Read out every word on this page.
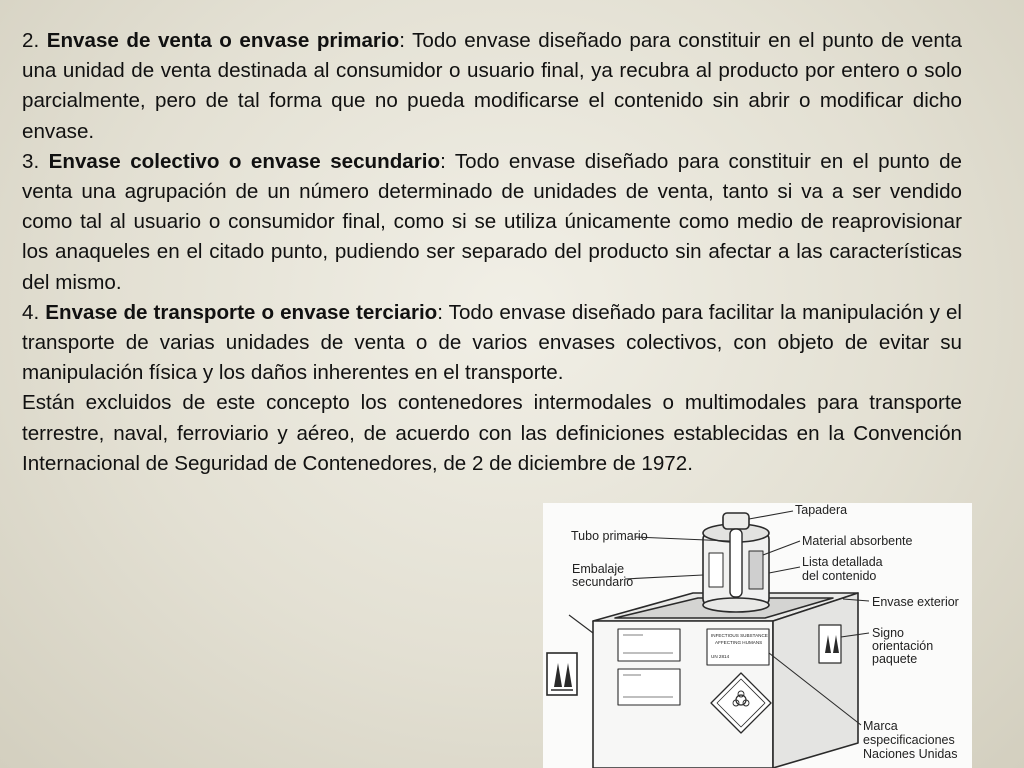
2. Envase de venta o envase primario: Todo envase diseñado para constituir en el punto de venta una unidad de venta destinada al consumidor o usuario final, ya recubra al producto por entero o solo parcialmente, pero de tal forma que no pueda modificarse el contenido sin abrir o modificar dicho envase.

3. Envase colectivo o envase secundario: Todo envase diseñado para constituir en el punto de venta una agrupación de un número determinado de unidades de venta, tanto si va a ser vendido como tal al usuario o consumidor final, como si se utiliza únicamente como medio de reaprovisionar los anaqueles en el citado punto, pudiendo ser separado del producto sin afectar a las características del mismo.

4. Envase de transporte o envase terciario: Todo envase diseñado para facilitar la manipulación y el transporte de varias unidades de venta o de varios envases colectivos, con objeto de evitar su manipulación física y los daños inherentes en el transporte.

Están excluidos de este concepto los contenedores intermodales o multimodales para transporte terrestre, naval, ferroviario y aéreo, de acuerdo con las definiciones establecidas en la Convención Internacional de Seguridad de Contenedores, de 2 de diciembre de 1972.

INFECTIOUS SUBSTANCE
AFFECTING HUMANS
UN 2814
Tapadera
Tubo primario	Material absorbente
Embalaje
secundario
Lista detallada
del contenido
Envase exterior
Signo
orientación
paquete
Marca
especificaciones
Naciones Unidas
